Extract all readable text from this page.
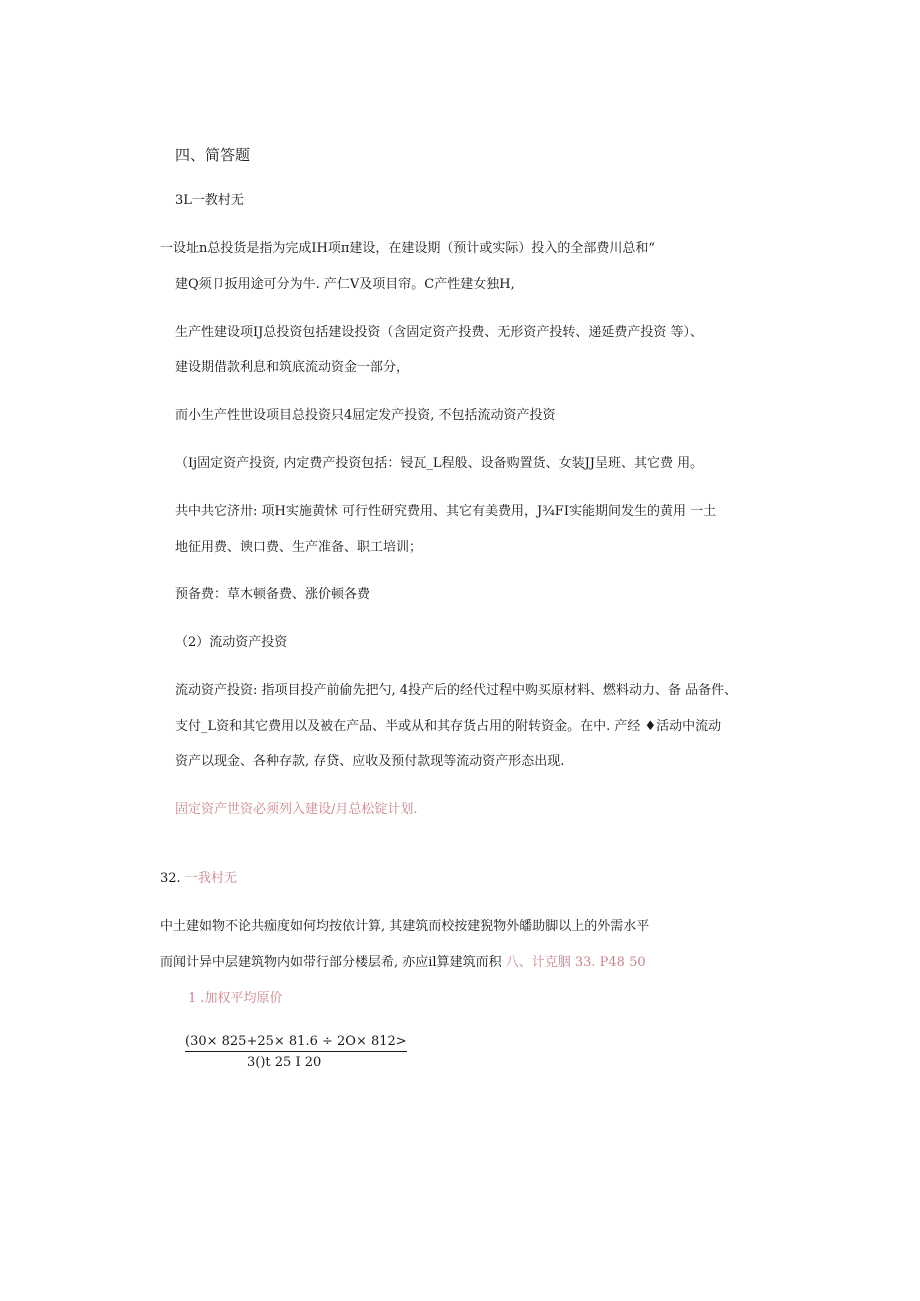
四、简答题
3L一教村无
一设址n总投货是指为完成IH项π建设，在建设期（预计或实际）投入的全部费川总和“
建Q须卩扳用途可分为牛. 产仁V及项目帘。C产性建女独H,
生产性建设项IJ总投资包括建设投资（含固定资产投费、无形资产投转、递延费产投资 等）、
建设期借款利息和筑底流动资金一部分，
而小生产性世设项目总投资只4屈定发产投资, 不包括流动资产投资
（Ij固定资产投资, 内定费产投资包括：锓瓦_L程般、设备购置货、女装JJ呈班、其它费 用。
共中共它济卅: 项H实施黄怵 可行性研究费用、其它有美费用，J¾FI实能期间发生的黄用 一土
地征用费、谀口费、生产准备、职工培训；
预备费：草木顿备费、涨价顿各费
（2）流动资产投资
流动资产投资: 指项目投产前偷先把勺, 4投产后的经代过程中购买原材料、燃料动力、备 品备件、
支付_L资和其它费用以及被在产品、半或从和其存货占用的附转资金。在中. 产经 ♦活动中流动
资产以现金、各种存款, 存贷、应收及预付款现等流动资产形态出现.
固定资产世资必须列入建设/月总松锭计划.
32. 一我村无
中土建如物不论共痂度如何均按依计算, 其建筑而校按建猊物外皤助脚以上的外需水平
而闻计异中层建筑物内如带行部分楼层希, 亦应il算建筑而积 八、计克胭 33. P48 50
1 .加权平均原价
$\frac{(30\times 825+25\times 81.6 \div 2O\times 812>}{3()t 25 I 20}$
